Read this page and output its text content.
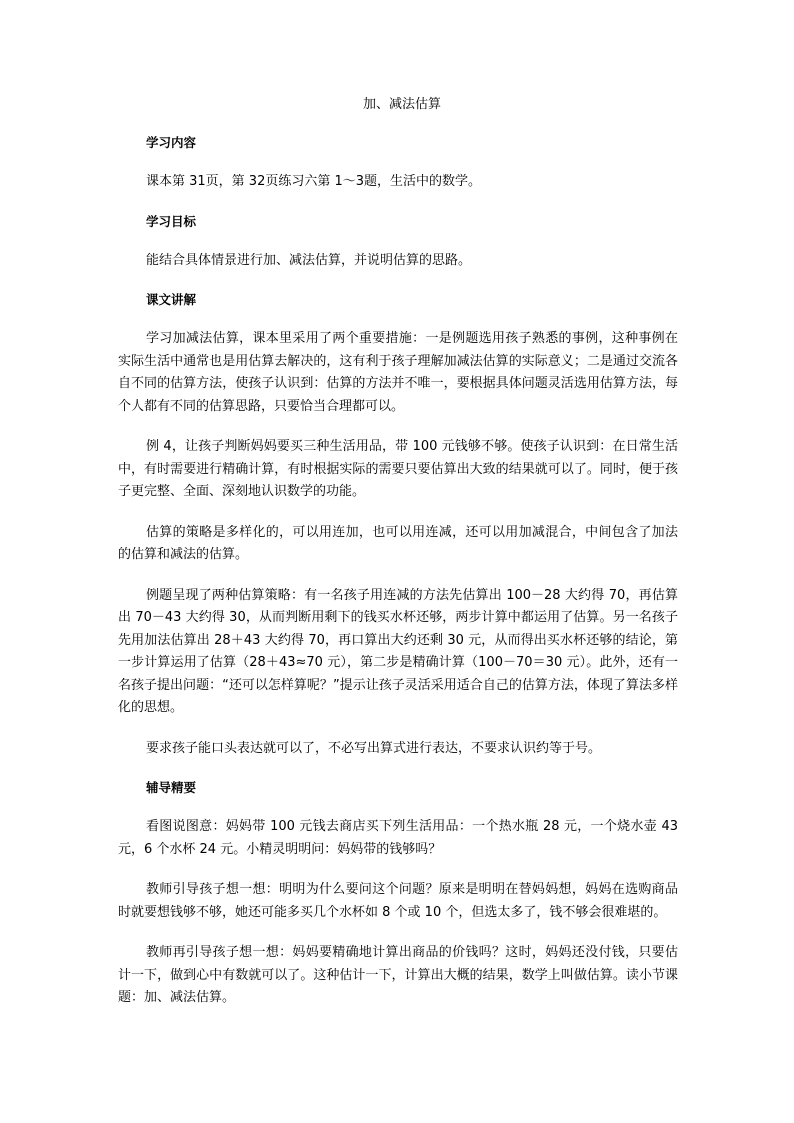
加、减法估算
学习内容

课本第 31页，第 32页练习六第 1～3题，生活中的数学。

学习目标

能结合具体情景进行加、减法估算，并说明估算的思路。

课文讲解

学习加减法估算，课本里采用了两个重要措施：一是例题选用孩子熟悉的事例，这种事例在实际生活中通常也是用估算去解决的，这有利于孩子理解加减法估算的实际意义；二是通过交流各自不同的估算方法，使孩子认识到：估算的方法并不唯一，要根据具体问题灵活选用估算方法，每个人都有不同的估算思路，只要恰当合理都可以。

例 4，让孩子判断妈妈要买三种生活用品，带 100 元钱够不够。使孩子认识到：在日常生活中，有时需要进行精确计算，有时根据实际的需要只要估算出大致的结果就可以了。同时，便于孩子更完整、全面、深刻地认识数学的功能。

估算的策略是多样化的，可以用连加，也可以用连减，还可以用加减混合，中间包含了加法的估算和减法的估算。

例题呈现了两种估算策略：有一名孩子用连减的方法先估算出 100－28 大约得 70，再估算出 70－43 大约得 30，从而判断用剩下的钱买水杯还够，两步计算中都运用了估算。另一名孩子先用加法估算出 28＋43 大约得 70，再口算出大约还剩 30 元，从而得出买水杯还够的结论，第一步计算运用了估算（28＋43≈70 元），第二步是精确计算（100－70＝30 元）。此外，还有一名孩子提出问题：“还可以怎样算呢？”提示让孩子灵活采用适合自己的估算方法，体现了算法多样化的思想。

要求孩子能口头表达就可以了，不必写出算式进行表达，不要求认识约等于号。

辅导精要

看图说图意：妈妈带 100 元钱去商店买下列生活用品：一个热水瓶 28 元，一个烧水壶 43 元，6 个水杯 24 元。小精灵明明问：妈妈带的钱够吗？

教师引导孩子想一想：明明为什么要问这个问题？原来是明明在替妈妈想，妈妈在选购商品时就要想钱够不够，她还可能多买几个水杯如 8 个或 10 个，但选太多了，钱不够会很难堪的。

教师再引导孩子想一想：妈妈要精确地计算出商品的价钱吗？这时，妈妈还没付钱，只要估计一下，做到心中有数就可以了。这种估计一下，计算出大概的结果，数学上叫做估算。读小节课题：加、减法估算。
